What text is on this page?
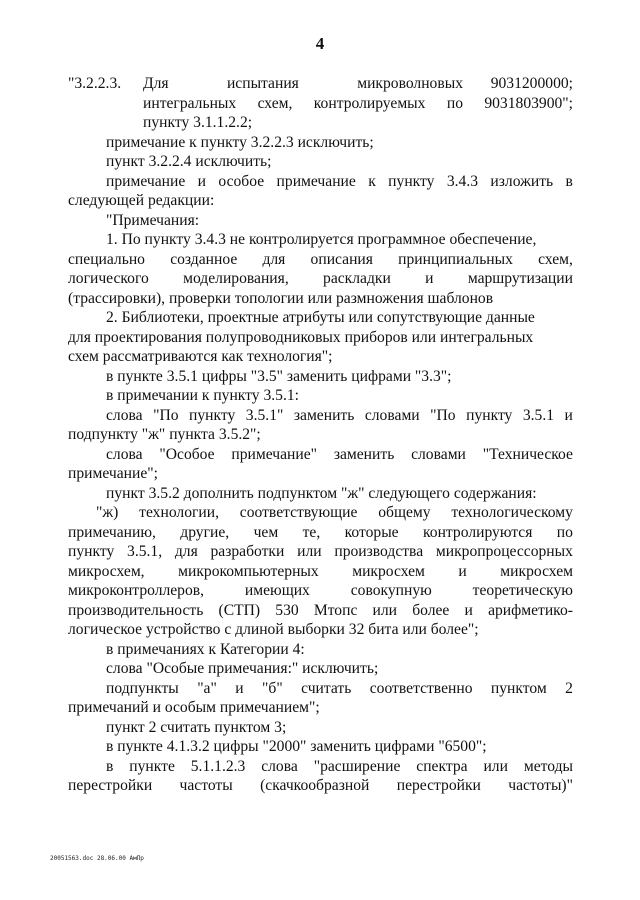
4
"3.2.2.3.	Для	испытания	микроволновых
интегральных схем, контролируемых по
пункту 3.1.1.2.2;
9031200000;
9031803900";
примечание к пункту 3.2.2.3 исключить;
пункт 3.2.2.4 исключить;
примечание и особое примечание к пункту 3.4.3 изложить в
следующей редакции:
"Примечания:
1. По пункту 3.4.3 не контролируется программное обеспечение,
специально созданное для описания принципиальных схем,
логического моделирования, раскладки и маршрутизации
(трассировки), проверки топологии или размножения шаблонов
2. Библиотеки, проектные атрибуты или сопутствующие данные
для проектирования полупроводниковых приборов или интегральных
схем рассматриваются как технология";
в пункте 3.5.1 цифры "3.5" заменить цифрами "3.3";
в примечании к пункту 3.5.1:
слова "По пункту 3.5.1" заменить словами "По пункту 3.5.1 и
подпункту "ж" пункта 3.5.2";
слова "Особое примечание" заменить словами "Техническое
примечание";
пункт 3.5.2 дополнить подпунктом "ж" следующего содержания:
"ж) технологии, соответствующие общему технологическому
примечанию, другие, чем те, которые контролируются по
пункту 3.5.1, для разработки или производства микропроцессорных
микросхем, микрокомпьютерных микросхем и микросхем
микроконтроллеров,	имеющих	совокупную	теоретическую
производительность (СТП) 530 Мтопс или более и арифметико-
логическое устройство с длиной выборки 32 бита или более";
в примечаниях к Категории 4:
слова "Особые примечания:" исключить;
подпункты "а" и "б" считать соответственно пунктом 2
примечаний и особым примечанием";
пункт 2 считать пунктом 3;
в пункте 4.1.3.2 цифры "2000" заменить цифрами "6500";
в пункте 5.1.1.2.3 слова "расширение спектра или методы
перестройки частоты (скачкообразной перестройки частоты)"
20051563.doc 28.06.00 АмПр
